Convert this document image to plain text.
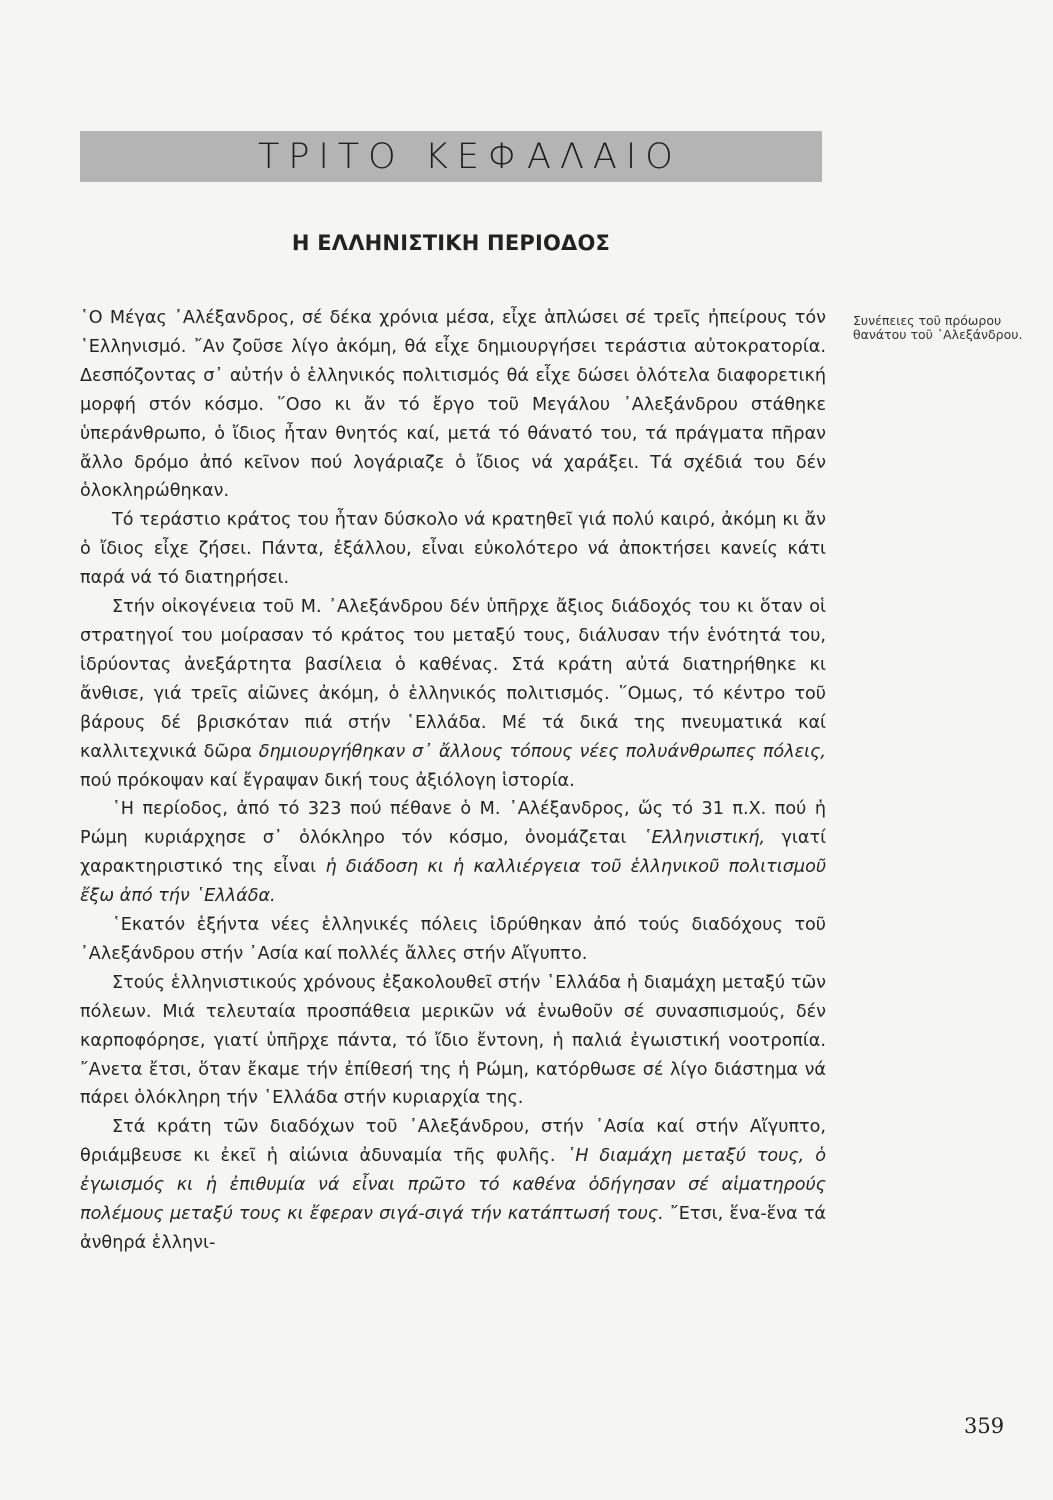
ΤΡΙΤΟ ΚΕΦΑΛΑΙΟ
Η ΕΛΛΗΝΙΣΤΙΚΗ ΠΕΡΙΟΔΟΣ

῾Ο Μέγας ᾿Αλέξανδρος, σέ δέκα χρόνια μέσα, εἶχε ἁπλώσει σέ τρεῖς ἠπείρους τόν ῾Ελληνισμό. ῎Αν ζοῦσε λίγο ἀκόμη, θά εἶχε δημιουργήσει τεράστια αὐτοκρατορία. Δεσπόζοντας σ᾿ αὐτήν ὁ ἑλληνικός πολιτισμός θά εἶχε δώσει ὁλότελα διαφορετική μορφή στόν κόσμο. ῞Οσο κι ἄν τό ἔργο τοῦ Μεγάλου ᾿Αλεξάνδρου στάθηκε ὑπεράνθρωπο, ὁ ἴδιος ἦταν θνητός καί, μετά τό θάνατό του, τά πράγματα πῆραν ἄλλο δρόμο ἀπό κεῖνον πού λογάριαζε ὁ ἴδιος νά χαράξει. Τά σχέδιά του δέν ὁλοκληρώθηκαν.

Τό τεράστιο κράτος του ἦταν δύσκολο νά κρατηθεῖ γιά πολύ καιρό, ἀκόμη κι ἄν ὁ ἴδιος εἶχε ζήσει. Πάντα, ἐξάλλου, εἶναι εὐκολότερο νά ἀποκτήσει κανείς κάτι παρά νά τό διατηρήσει.

Στήν οἰκογένεια τοῦ Μ. ᾿Αλεξάνδρου δέν ὑπῆρχε ἄξιος διάδοχός του κι ὅταν οἱ στρατηγοί του μοίρασαν τό κράτος του μεταξύ τους, διάλυσαν τήν ἑνότητά του, ἱδρύοντας ἀνεξάρτητα βασίλεια ὁ καθένας. Στά κράτη αὐτά διατηρήθηκε κι ἄνθισε, γιά τρεῖς αἰῶνες ἀκόμη, ὁ ἑλληνικός πολιτισμός. ῞Ομως, τό κέντρο τοῦ βάρους δέ βρισκόταν πιά στήν ῾Ελλάδα. Μέ τά δικά της πνευματικά καί καλλιτεχνικά δῶρα δημιουργήθηκαν σ᾿ ἄλλους τόπους νέες πολυάνθρωπες πόλεις, πού πρόκοψαν καί ἔγραψαν δική τους ἀξιόλογη ἱστορία.

῾Η περίοδος, ἀπό τό 323 πού πέθανε ὁ Μ. ᾿Αλέξανδρος, ὥς τό 31 π.Χ. πού ἡ Ρώμη κυριάρχησε σ᾿ ὁλόκληρο τόν κόσμο, ὀνομάζεται ῾Ελληνιστική, γιατί χαρακτηριστικό της εἶναι ἡ διάδοση κι ἡ καλλιέργεια τοῦ ἑλληνικοῦ πολιτισμοῦ ἔξω ἀπό τήν ῾Ελλάδα.

῾Εκατόν ἑξήντα νέες ἑλληνικές πόλεις ἱδρύθηκαν ἀπό τούς διαδόχους τοῦ ᾿Αλεξάνδρου στήν ᾿Ασία καί πολλές ἄλλες στήν Αἴγυπτο.

Στούς ἑλληνιστικούς χρόνους ἐξακολουθεῖ στήν ῾Ελλάδα ἡ διαμάχη μεταξύ τῶν πόλεων. Μιά τελευταία προσπάθεια μερικῶν νά ἑνωθοῦν σέ συνασπισμούς, δέν καρποφόρησε, γιατί ὑπῆρχε πάντα, τό ἴδιο ἔντονη, ἡ παλιά ἐγωιστική νοοτροπία. ῎Ανετα ἔτσι, ὅταν ἔκαμε τήν ἐπίθεσή της ἡ Ρώμη, κατόρθωσε σέ λίγο διάστημα νά πάρει ὁλόκληρη τήν ῾Ελλάδα στήν κυριαρχία της.

Στά κράτη τῶν διαδόχων τοῦ ᾿Αλεξάνδρου, στήν ᾿Ασία καί στήν Αἴγυπτο, θριάμβευσε κι ἐκεῖ ἡ αἰώνια ἀδυναμία τῆς φυλῆς. ῾Η διαμάχη μεταξύ τους, ὁ ἐγωισμός κι ἡ ἐπιθυμία νά εἶναι πρῶτο τό καθένα ὁδήγησαν σέ αἱματηρούς πολέμους μεταξύ τους κι ἔφεραν σιγά-σιγά τήν κατάπτωσή τους. ῎Ετσι, ἕνα-ἕνα τά ἀνθηρά ἑλληνι-

Συνέπειες τοῦ πρόωρου θανάτου τοῦ ᾿Αλεξάνδρου.
359
